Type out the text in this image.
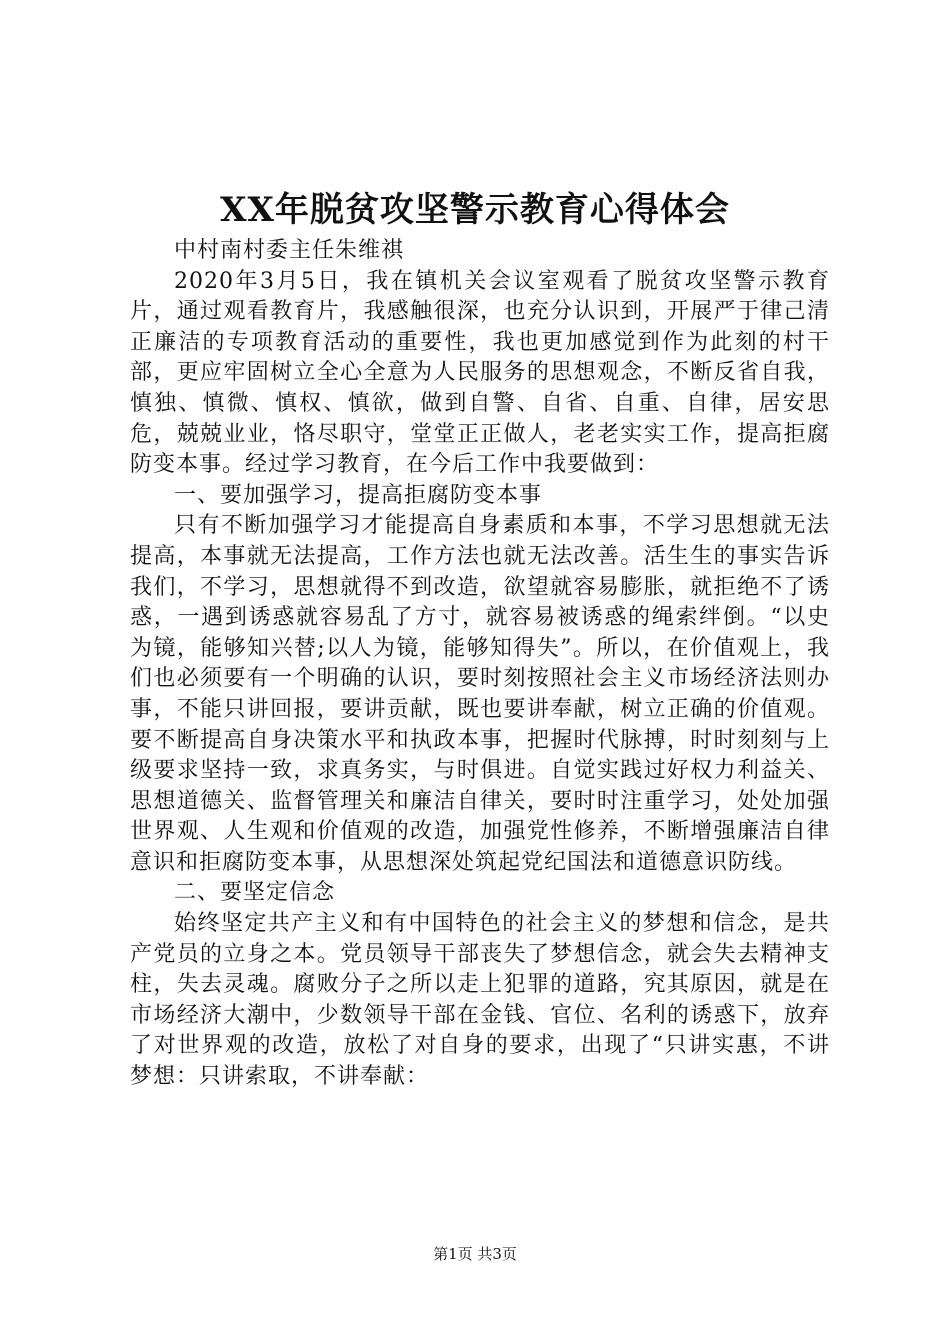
XX年脱贫攻坚警示教育心得体会

中村南村委主任朱维祺

2020年3月5日，我在镇机关会议室观看了脱贫攻坚警示教育片，通过观看教育片，我感触很深，也充分认识到，开展严于律己清正廉洁的专项教育活动的重要性，我也更加感觉到作为此刻的村干部，更应牢固树立全心全意为人民服务的思想观念，不断反省自我，慎独、慎微、慎权、慎欲，做到自警、自省、自重、自律，居安思危，兢兢业业，恪尽职守，堂堂正正做人，老老实实工作，提高拒腐防变本事。经过学习教育，在今后工作中我要做到：

一、要加强学习，提高拒腐防变本事

只有不断加强学习才能提高自身素质和本事，不学习思想就无法提高，本事就无法提高，工作方法也就无法改善。活生生的事实告诉我们，不学习，思想就得不到改造，欲望就容易膨胀，就拒绝不了诱惑，一遇到诱惑就容易乱了方寸，就容易被诱惑的绳索绊倒。“以史为镜，能够知兴替;以人为镜，能够知得失”。所以，在价值观上，我们也必须要有一个明确的认识，要时刻按照社会主义市场经济法则办事，不能只讲回报，要讲贡献，既也要讲奉献，树立正确的价值观。要不断提高自身决策水平和执政本事，把握时代脉搏，时时刻刻与上级要求坚持一致，求真务实，与时俱进。自觉实践过好权力利益关、思想道德关、监督管理关和廉洁自律关，要时时注重学习，处处加强世界观、人生观和价值观的改造，加强党性修养，不断增强廉洁自律意识和拒腐防变本事，从思想深处筑起党纪国法和道德意识防线。

二、要坚定信念

始终坚定共产主义和有中国特色的社会主义的梦想和信念，是共产党员的立身之本。党员领导干部丧失了梦想信念，就会失去精神支柱，失去灵魂。腐败分子之所以走上犯罪的道路，究其原因，就是在市场经济大潮中，少数领导干部在金钱、官位、名利的诱惑下，放弃了对世界观的改造，放松了对自身的要求，出现了“只讲实惠，不讲梦想：只讲索取，不讲奉献：

第1页 共3页
